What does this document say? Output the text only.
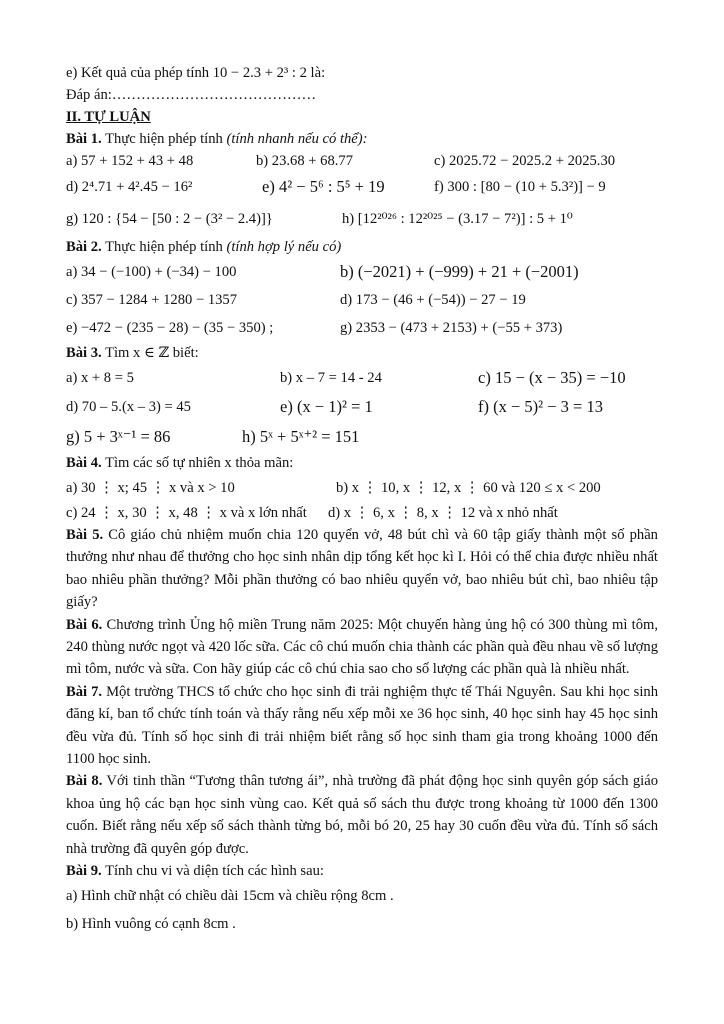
e) Kết quả của phép tính 10 − 2.3 + 2³ : 2 là:
Đáp án:……………………………………
II. TỰ LUẬN
Bài 1. Thực hiện phép tính (tính nhanh nếu có thể):
a) 57 + 152 + 43 + 48	b) 23.68 + 68.77	c) 2025.72 − 2025.2 + 2025.30
d) 2⁴.71 + 4².45 − 16²	e) 4² − 5⁶ : 5⁵ + 19	f) 300 : [80 − (10 + 5.3²)] − 9
g) 120 : {54 − [50 : 2 − (3² − 2.4)]}	h) [12²⁰²⁶ : 12²⁰²⁵ − (3.17 − 7²)] : 5 + 1⁰
Bài 2. Thực hiện phép tính (tính hợp lý nếu có)
a) 34 − (−100) + (−34) − 100	b) (−2021) + (−999) + 21 + (−2001)
c) 357 − 1284 + 1280 − 1357	d) 173 − (46 + (−54)) − 27 − 19
e) −472 − (235 − 28) − (35 − 350) ;	g) 2353 − (473 + 2153) + (−55 + 373)
Bài 3. Tìm x ∈ ℤ biết:
a) x + 8 = 5	b) x – 7 = 14 - 24	c) 15 − (x − 35) = −10
d) 70 – 5.(x – 3) = 45	e) (x − 1)² = 1	f) (x − 5)² − 3 = 13
g) 5 + 3ˣ⁻¹ = 86	h) 5ˣ + 5ˣ⁺² = 151
Bài 4. Tìm các số tự nhiên x thỏa mãn:
a) 30 ⋮ x; 45 ⋮ x và x > 10	b) x ⋮ 10, x ⋮ 12, x ⋮ 60 và 120 ≤ x < 200
c) 24 ⋮ x, 30 ⋮ x, 48 ⋮ x và x lớn nhất d) x ⋮ 6, x ⋮ 8, x ⋮ 12 và x nhỏ nhất

Bài 5. Cô giáo chủ nhiệm muốn chia 120 quyển vở, 48 bút chì và 60 tập giấy thành một số phần thưởng như nhau để thưởng cho học sinh nhân dịp tổng kết học kì I. Hỏi có thể chia được nhiều nhất bao nhiêu phần thưởng? Mỗi phần thưởng có bao nhiêu quyển vở, bao nhiêu bút chì, bao nhiêu tập giấy?

Bài 6. Chương trình Ủng hộ miền Trung năm 2025: Một chuyến hàng ủng hộ có 300 thùng mì tôm, 240 thùng nước ngọt và 420 lốc sữa. Các cô chú muốn chia thành các phần quà đều nhau về số lượng mì tôm, nước và sữa. Con hãy giúp các cô chú chia sao cho số lượng các phần quà là nhiều nhất.

Bài 7. Một trường THCS tổ chức cho học sinh đi trải nghiệm thực tế Thái Nguyên. Sau khi học sinh đăng kí, ban tổ chức tính toán và thấy rằng nếu xếp mỗi xe 36 học sinh, 40 học sinh hay 45 học sinh đều vừa đủ. Tính số học sinh đi trải nhiệm biết rằng số học sinh tham gia trong khoảng 1000 đến 1100 học sinh.

Bài 8. Với tinh thần “Tương thân tương ái”, nhà trường đã phát động học sinh quyên góp sách giáo khoa ủng hộ các bạn học sinh vùng cao. Kết quả số sách thu được trong khoảng từ 1000 đến 1300 cuốn. Biết rằng nếu xếp số sách thành từng bó, mỗi bó 20, 25 hay 30 cuốn đều vừa đủ. Tính số sách nhà trường đã quyên góp được.

Bài 9. Tính chu vi và diện tích các hình sau:
a) Hình chữ nhật có chiều dài 15cm và chiều rộng 8cm .
b) Hình vuông có cạnh 8cm .
